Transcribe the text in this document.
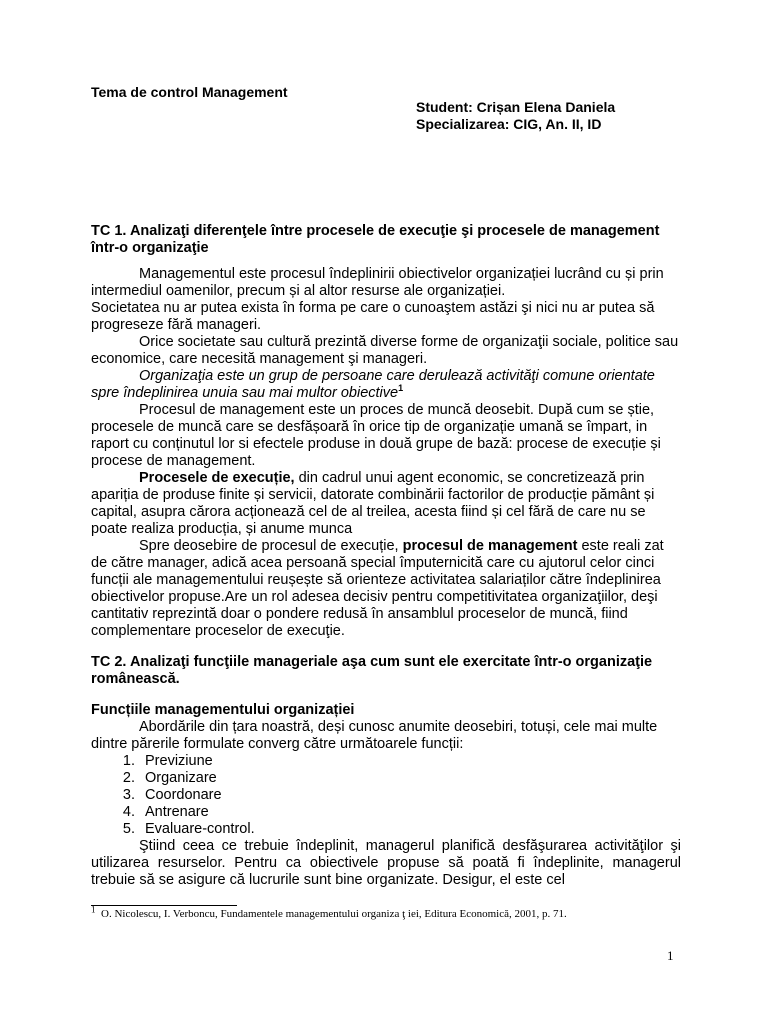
Tema de control Management
Student: Crișan Elena Daniela
Specializarea: CIG, An. II, ID

TC 1. Analizaţi diferenţele între procesele de execuţie şi procesele de management într-o organizaţie

Managementul este procesul îndeplinirii obiectivelor organizației lucrând cu și prin intermediul oamenilor, precum și al altor resurse ale organizației.

Societatea nu ar putea exista în forma pe care o cunoaştem astăzi şi nici nu ar putea să progreseze fără manageri.

Orice societate sau cultură prezintă diverse forme de organizaţii sociale, politice sau economice, care necesită management şi manageri.

Organizaţia este un grup de persoane care derulează activităţi comune orientate spre îndeplinirea unuia sau mai multor obiective$^1$

Procesul de management este un proces de muncă deosebit. După cum se știe, procesele de muncă care se desfășoară în orice tip de organizație umană se împart, in raport cu conținutul lor si efectele produse in două grupe de bază: procese de execuție și procese de management.

Procesele de execuție, din cadrul unui agent economic, se concretizează prin apariția de produse finite și servicii, datorate combinării factorilor de producție pământ și capital, asupra cărora acționează cel de al treilea, acesta fiind și cel fără de care nu se poate realiza producția, și anume munca

Spre deosebire de procesul de execuție, procesul de management este reali zat de către manager, adică acea persoană special împuternicită care cu ajutorul celor cinci funcții ale managementului reușește să orienteze activitatea salariaților către îndeplinirea obiectivelor propuse.Are un rol adesea decisiv pentru competitivitatea organizaţiilor, deşi cantitativ reprezintă doar o pondere redusă în ansamblul proceselor de muncă, fiind complementare proceselor de execuţie.

TC 2. Analizaţi funcţiile manageriale aşa cum sunt ele exercitate într-o organizaţie românească.

Funcțiile managementului organizației

Abordările din țara noastră, deși cunosc anumite deosebiri, totuși, cele mai multe dintre părerile formulate converg către următoarele funcții:

1. Previziune
2. Organizare
3. Coordonare
4. Antrenare
5. Evaluare-control.

Ştiind ceea ce trebuie îndeplinit, managerul planifică desfăşurarea activităţilor şi utilizarea resurselor. Pentru ca obiectivele propuse să poată fi îndeplinite, managerul trebuie să se asigure că lucrurile sunt bine organizate. Desigur, el este cel

$^1$ O. Nicolescu, I. Verboncu, Fundamentele managementului organiza ţ iei, Editura Economică, 2001, p. 71.
1
